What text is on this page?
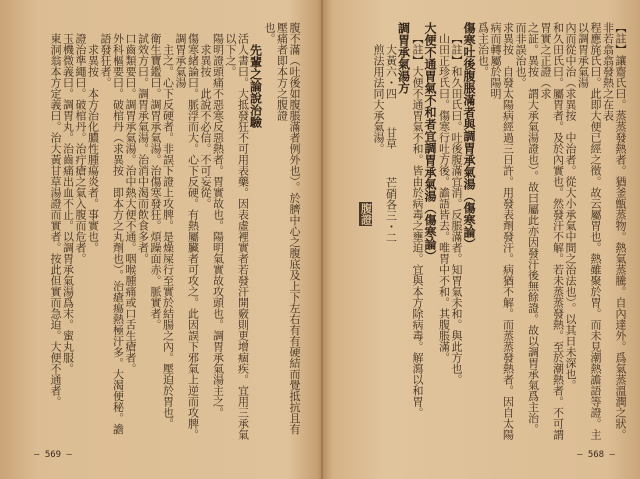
腹不滿（吐後如腹脹滿者例外也）。於臍中心之腹底及上下左右有有硬結而覺抵抗且有壓痛者即本方之腹證
也。
先輩之論說治驗
活人書曰。大抵發狂不可用表藥。因表虛裡實者若發汗開竅則更增痼疾。宜用三承氣以下之。
陽明證頭痛不惡寒反惡熱者。胃實故也。陽明氣實故攻頭也。調胃承氣湯主之。
求異按　此說不必信。不可妄從。
傷寒緒論曰。脈浮而大。心下反硬。有熱屬臟者可攻之。此因誤下邪氣上逆而攻脾。調胃承氣湯
主之。心下反硬者。非誤下證上攻脾。是燥屎行至實於結腸之內。壓迫於胃也。
衛生寶鑑曰。調胃承氣湯。治傷寒發狂。煩躁面赤。脈實者。
試效方曰。調胃承氣湯。治消中渴而飲食多者。
口齒類要曰。調胃承氣湯。治中熱大便不通。咽喉腫痛或口舌生瘡者。
外科樞要曰。破棺丹（求異按　即本方之丸劑也）。治瘡瘍熱極汗多。大渴便秘。譫語發狂者。
求異按　本方治化膿性腫瘍炎者。事實也。
證治準繩曰。破棺丹。治疔瘡之氣入腹而危者。
玉機微義曰。調胃丸。治齒痛出血不止。以調胃承氣湯爲末。蜜丸服。
東洞翁本方定義曰。治大黃甘草湯證而實者。按此但實而急迫。大便不通者。
— 569 —
【註】讓齋氏曰。蒸蒸發熱者。猶釜甑蒸物。熱氣蒸騰。自內達外。爲氣蒸溫潤之狀。非若翕翕發熱之在表
程應旄氏曰。此即大便已經之徵。故云屬胃也。熱雖聚於胃。而未見潮熱譫語等證。主以調胃承氣湯
內而從中治（求異按　中治者。從大小承氣中間之治法也）。以其日未深也。
和久田氏曰。屬胃者。及於內實也。然發汗不解。若未蒸蒸發熱。至於潮熱者。不可謂胃實之正證（求
之証。異按　謂大承氣湯證也）。故曰屬此亦因發汗後無餘證。故以調胃承氣爲主治。而非誤治也。
求異按　自發太陽病經過三日許。用發表劑發汗。病猶不解。而蒸蒸發熱者。因自太陽病而轉屬於陽明
爲主治也。
傷寒吐後腹脹滿者與調胃承氣湯（傷寒論）
【註】和久田氏曰。吐後腹滿宜消。反脹滿者。知胃氣未和。與此方也。
山田正珍氏曰。傷寒行吐方後。譫語皆去。唯胃中不和。其腹脹滿。
大便不通胃氣不和者宜調胃承氣湯（傷寒論）
【註】大便不通胃氣不和。皆由於病毒之壅迫。宜與本方除病毒。解瀉以和胃。
調胃承氣湯方
大黃六・四甘草芒硝各三・二
煎法用法同大承氣湯。
腹證
— 568 —
